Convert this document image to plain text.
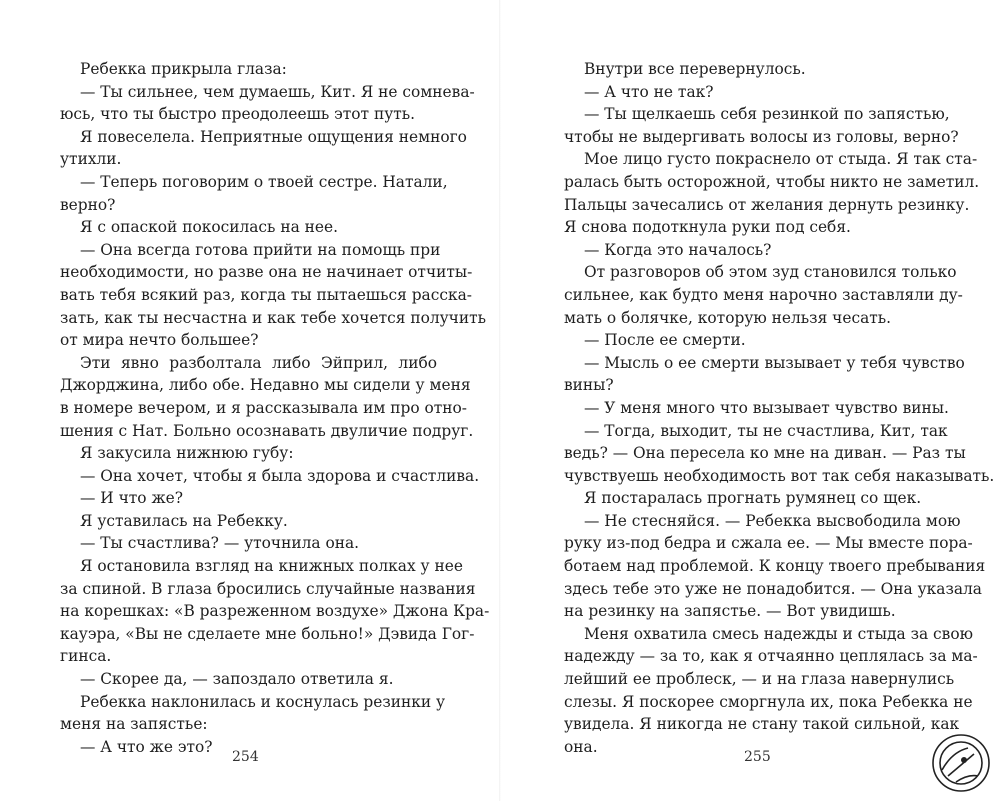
Ребекка прикрыла глаза:
— Ты сильнее, чем думаешь, Кит. Я не сомнева-
юсь, что ты быстро преодолеешь этот путь.
Я повеселела. Неприятные ощущения немного
утихли.
— Теперь поговорим о твоей сестре. Натали,
верно?
Я с опаской покосилась на нее.
— Она всегда готова прийти на помощь при
необходимости, но разве она не начинает отчиты-
вать тебя всякий раз, когда ты пытаешься расска-
зать, как ты несчастна и как тебе хочется получить
от мира нечто большее?
Эти явно разболтала либо Эйприл, либо
Джорджина, либо обе. Недавно мы сидели у меня
в номере вечером, и я рассказывала им про отно-
шения с Нат. Больно осознавать двуличие подруг.
Я закусила нижнюю губу:
— Она хочет, чтобы я была здорова и счастлива.
— И что же?
Я уставилась на Ребекку.
— Ты счастлива? — уточнила она.
Я остановила взгляд на книжных полках у нее
за спиной. В глаза бросились случайные названия
на корешках: «В разреженном воздухе» Джона Кра-
кауэра, «Вы не сделаете мне больно!» Дэвида Гог-
гинса.
— Скорее да, — запоздало ответила я.
Ребекка наклонилась и коснулась резинки у
меня на запястье:
— А что же это?
254
Внутри все перевернулось.
— А что не так?
— Ты щелкаешь себя резинкой по запястью,
чтобы не выдергивать волосы из головы, верно?
Мое лицо густо покраснело от стыда. Я так ста-
ралась быть осторожной, чтобы никто не заметил.
Пальцы зачесались от желания дернуть резинку.
Я снова подоткнула руки под себя.
— Когда это началось?
От разговоров об этом зуд становился только
сильнее, как будто меня нарочно заставляли ду-
мать о болячке, которую нельзя чесать.
— После ее смерти.
— Мысль о ее смерти вызывает у тебя чувство
вины?
— У меня много что вызывает чувство вины.
— Тогда, выходит, ты не счастлива, Кит, так
ведь? — Она пересела ко мне на диван. — Раз ты
чувствуешь необходимость вот так себя наказывать.
Я постаралась прогнать румянец со щек.
— Не стесняйся. — Ребекка высвободила мою
руку из-под бедра и сжала ее. — Мы вместе пора-
ботаем над проблемой. К концу твоего пребывания
здесь тебе это уже не понадобится. — Она указала
на резинку на запястье. — Вот увидишь.
Меня охватила смесь надежды и стыда за свою
надежду — за то, как я отчаянно цеплялась за ма-
лейший ее проблеск, — и на глаза навернулись
слезы. Я поскорее сморгнула их, пока Ребекка не
увидела. Я никогда не стану такой сильной, как
она.
255
